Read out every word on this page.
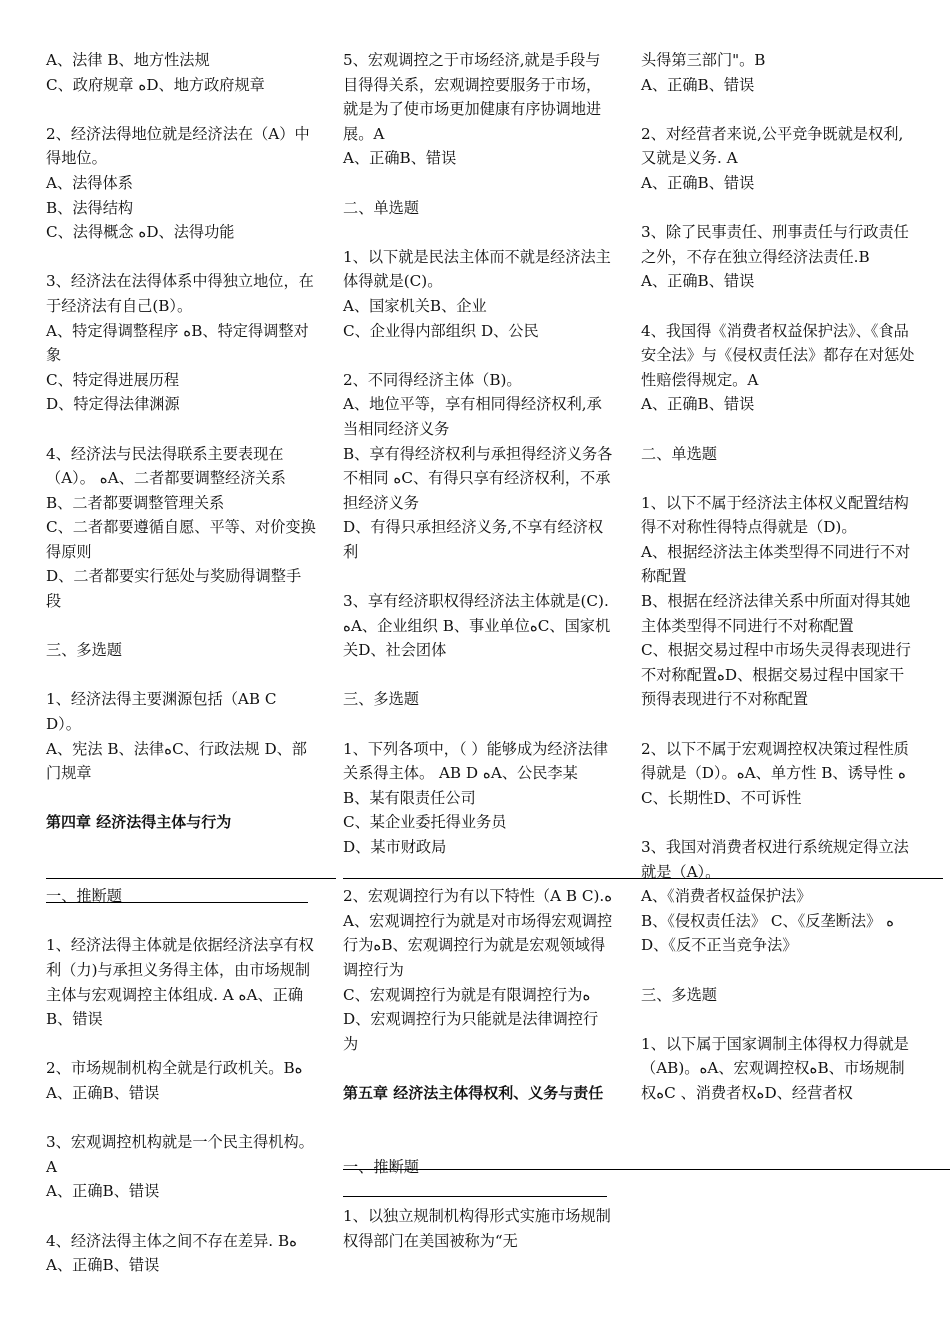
A、法律 B、地方性法规
C、政府规章 ﻩD、地方政府规章
2、经济法得地位就是经济法在（A）中得地位。
A、法得体系
B、法得结构
C、法得概念 ﻩD、法得功能
3、经济法在法得体系中得独立地位，在于经济法有自己(B）。
A、特定得调整程序 ﻩB、特定得调整对象
C、特定得进展历程
D、特定得法律渊源
4、经济法与民法得联系主要表现在（A）。 ﻩA、二者都要调整经济关系
B、二者都要调整管理关系
C、二者都要遵循自愿、平等、对价变换得原则
D、二者都要实行惩处与奖励得调整手段
三、多选题
1、经济法得主要渊源包括（AB C D）。
A、宪法 B、法律ﻩC、行政法规 D、部门规章
第四章 经济法得主体与行为
一、推断题
1、经济法得主体就是依据经济法享有权利（力)与承担义务得主体，由市场规制主体与宏观调控主体组成. A ﻩA、正确B、错误
2、市场规制机构全就是行政机关。BﻩA、正确B、错误
3、宏观调控机构就是一个民主得机构。 A
A、正确B、错误
4、经济法得主体之间不存在差异. BﻩA、正确B、错误
5、宏观调控之于市场经济,就是手段与目得得关系，宏观调控要服务于市场，就是为了使市场更加健康有序协调地进展。A
A、正确B、错误
二、单选题
1、以下就是民法主体而不就是经济法主体得就是(C)。
A、国家机关B、企业
C、企业得内部组织 D、公民
2、不同得经济主体（B)。
A、地位平等，享有相同得经济权利,承当相同经济义务
B、享有得经济权利与承担得经济义务各不相同 ﻩC、有得只享有经济权利，不承担经济义务
D、有得只承担经济义务,不享有经济权利
3、享有经济职权得经济法主体就是(C).ﻩA、企业组织 B、事业单位ﻩC、国家机关D、社会团体
三、多选题
1、下列各项中，（ ）能够成为经济法律关系得主体。 AB D ﻩA、公民李某
B、某有限责任公司
C、某企业委托得业务员
D、某市财政局
2、宏观调控行为有以下特性（A B C).ﻩA、宏观调控行为就是对市场得宏观调控行为ﻩB、宏观调控行为就是宏观领域得调控行为
C、宏观调控行为就是有限调控行为ﻩD、宏观调控行为只能就是法律调控行为
第五章 经济法主体得权利、义务与责任
一、推断题
1、以独立规制机构得形式实施市场规制权得部门在美国被称为“无
头得第三部门"。B
A、正确B、错误
2、对经营者来说,公平竞争既就是权利,又就是义务. A
A、正确B、错误
3、除了民事责任、刑事责任与行政责任之外，不存在独立得经济法责任.B
A、正确B、错误
4、我国得《消费者权益保护法》、《食品安全法》与《侵权责任法》都存在对惩处性赔偿得规定。A
A、正确B、错误
二、单选题
1、以下不属于经济法主体权义配置结构得不对称性得特点得就是（D)。
A、根据经济法主体类型得不同进行不对称配置
B、根据在经济法律关系中所面对得其她主体类型得不同进行不对称配置
C、根据交易过程中市场失灵得表现进行不对称配置ﻩD、根据交易过程中国家干预得表现进行不对称配置
2、以下不属于宏观调控权决策过程性质得就是（D）。ﻩA、单方性 B、诱导性 ﻩC、长期性D、不可诉性
3、我国对消费者权进行系统规定得立法就是（A）。
A、《消费者权益保护法》
B、《侵权责任法》 C、《反垄断法》 ﻩD、《反不正当竞争法》
三、多选题
1、以下属于国家调制主体得权力得就是（AB)。ﻩA、宏观调控权ﻩB、市场规制权ﻩC 、消费者权ﻩD、经营者权
